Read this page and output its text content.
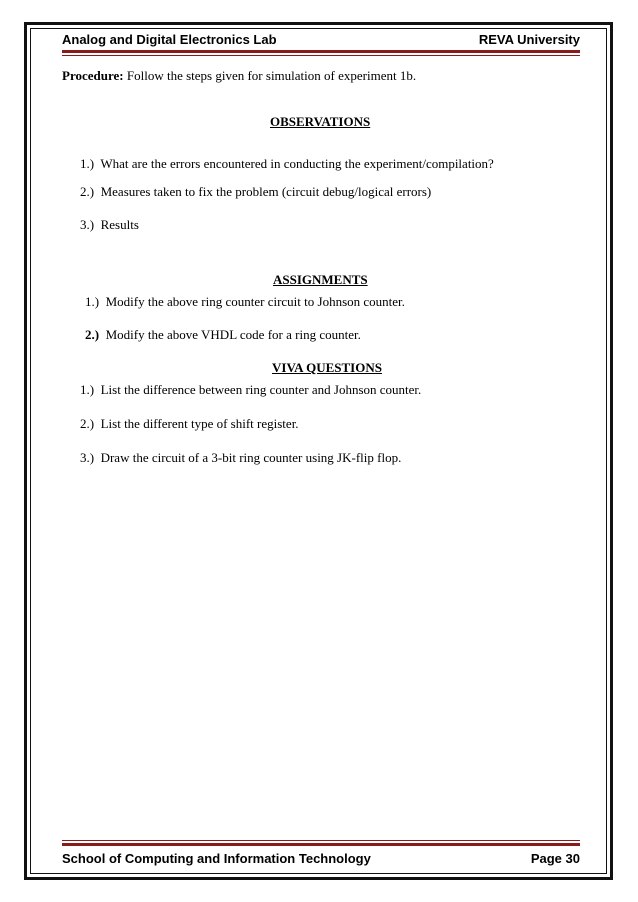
Analog and Digital Electronics Lab	REVA University
Procedure: Follow the steps given for simulation of experiment 1b.
OBSERVATIONS
1.) What are the errors encountered in conducting the experiment/compilation?
2.) Measures taken to fix the problem (circuit debug/logical errors)
3.) Results
ASSIGNMENTS
1.) Modify the above ring counter circuit to Johnson counter.
2.) Modify the above VHDL code for a ring counter.
VIVA QUESTIONS
1.) List the difference between ring counter and Johnson counter.
2.) List the different type of shift register.
3.) Draw the circuit of a 3-bit ring counter using JK-flip flop.
School of Computing and Information Technology	Page 30
